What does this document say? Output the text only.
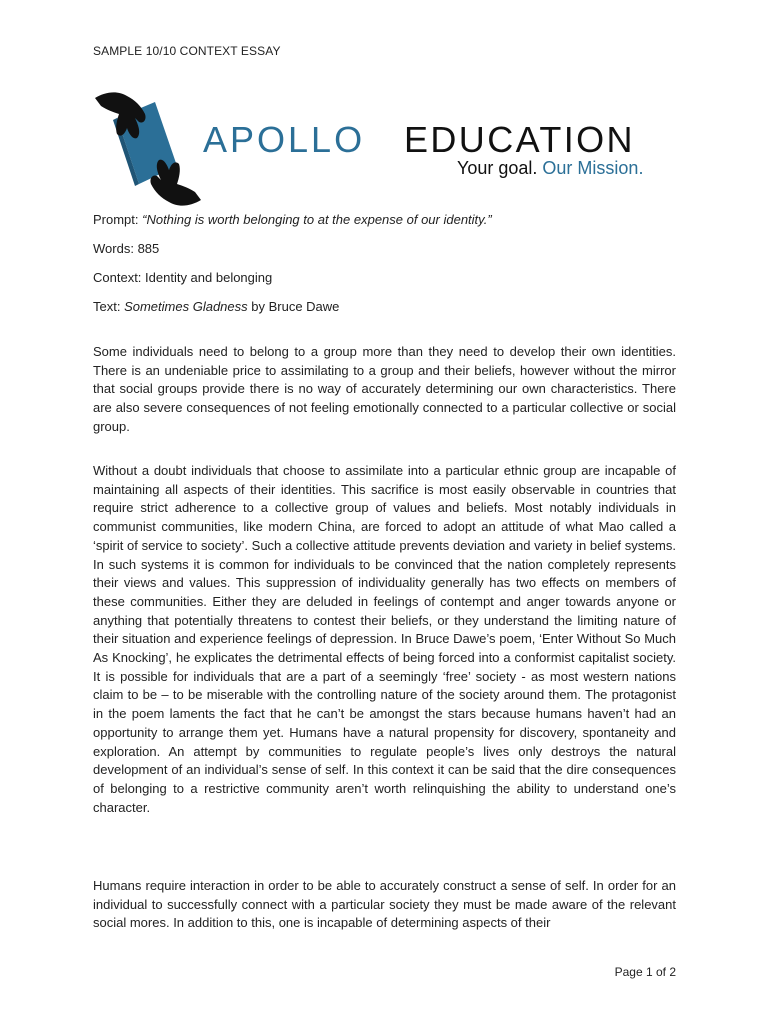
SAMPLE 10/10 CONTEXT ESSAY
APOLLO EDUCATION
Your goal. Our Mission.
Prompt: “Nothing is worth belonging to at the expense of our identity.”
Words: 885
Context: Identity and belonging
Text: Sometimes Gladness by Bruce Dawe

Some individuals need to belong to a group more than they need to develop their own identities. There is an undeniable price to assimilating to a group and their beliefs, however without the mirror that social groups provide there is no way of accurately determining our own characteristics. There are also severe consequences of not feeling emotionally connected to a particular collective or social group.

Without a doubt individuals that choose to assimilate into a particular ethnic group are incapable of maintaining all aspects of their identities. This sacrifice is most easily observable in countries that require strict adherence to a collective group of values and beliefs. Most notably individuals in communist communities, like modern China, are forced to adopt an attitude of what Mao called a ‘spirit of service to society’. Such a collective attitude prevents deviation and variety in belief systems. In such systems it is common for individuals to be convinced that the nation completely represents their views and values. This suppression of individuality generally has two effects on members of these communities. Either they are deluded in feelings of contempt and anger towards anyone or anything that potentially threatens to contest their beliefs, or they understand the limiting nature of their situation and experience feelings of depression. In Bruce Dawe’s poem, ‘Enter Without So Much As Knocking’, he explicates the detrimental effects of being forced into a conformist capitalist society. It is possible for individuals that are a part of a seemingly ‘free’ society - as most western nations claim to be – to be miserable with the controlling nature of the society around them. The protagonist in the poem laments the fact that he can’t be amongst the stars because humans haven’t had an opportunity to arrange them yet. Humans have a natural propensity for discovery, spontaneity and exploration. An attempt by communities to regulate people’s lives only destroys the natural development of an individual’s sense of self. In this context it can be said that the dire consequences of belonging to a restrictive community aren’t worth relinquishing the ability to understand one’s character.

Humans require interaction in order to be able to accurately construct a sense of self. In order for an individual to successfully connect with a particular society they must be made aware of the relevant social mores. In addition to this, one is incapable of determining aspects of their

Page 1 of 2
